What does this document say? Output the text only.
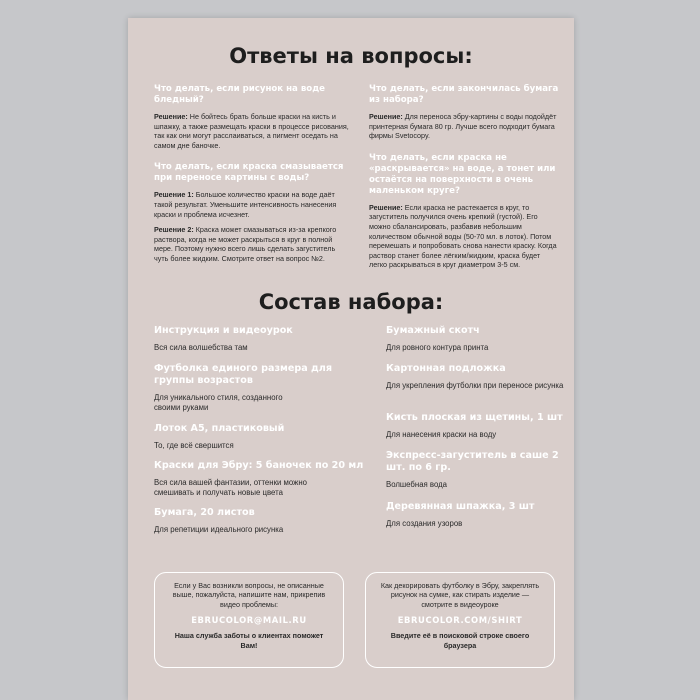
Ответы на вопросы:
Что делать, если рисунок на воде бледный?
Решение: Не бойтесь брать больше краски на кисть и шпажку, а также размещать краски в процессе рисования, так как они могут расслаиваться, а пигмент оседать на самом дне баночке.
Что делать, если краска смазывается при переносе картины с воды?
Решение 1: Большое количество краски на воде даёт такой результат. Уменьшите интенсивность нанесения краски и проблема исчезнет.
Решение 2: Краска может смазываться из-за крепкого раствора, когда не может раскрыться в круг в полной мере. Поэтому нужно всего лишь сделать загуститель чуть более жидким. Смотрите ответ на вопрос №2.
Что делать, если закончилась бумага из набора?
Решение: Для переноса эбру-картины с воды подойдёт принтерная бумага 80 гр. Лучше всего подходит бумага фирмы Svetocopy.
Что делать, если краска не «раскрывается» на воде, а тонет или остаётся на поверхности в очень маленьком круге?
Решение: Если краска не растекается в круг, то загуститель получился очень крепкий (густой). Его можно сбалансировать, разбавив небольшим количеством обычной воды (50-70 мл. в лоток). Потом перемешать и попробовать снова нанести краску. Когда раствор станет более лёгким/жидким, краска будет легко раскрываться в круг диаметром 3-5 см.
Состав набора:
Инструкция и видеоурок
Вся сила волшебства там
Футболка единого размера для группы возрастов
Для уникального стиля, созданного своими руками
Лоток А5, пластиковый
То, где всё свершится
Краски для Эбру: 5 баночек по 20 мл
Вся сила вашей фантазии, оттенки можно смешивать и получать новые цвета
Бумага, 20 листов
Для репетиции идеального рисунка
Бумажный скотч
Для ровного контура принта
Картонная подложка
Для укрепления футболки при переносе рисунка
Кисть плоская из щетины, 1 шт
Для нанесения краски на воду
Экспресс-загуститель в саше 2 шт. по 6 гр.
Волшебная вода
Деревянная шпажка, 3 шт
Для создания узоров
Если у Вас возникли вопросы, не описанные выше, пожалуйста, напишите нам, прикрепив видео проблемы:
EBRUCOLOR@MAIL.RU
Наша служба заботы о клиентах поможет Вам!
Как декорировать футболку в Эбру, закреплять рисунок на сумке, как стирать изделие — смотрите в видеоуроке
EBRUCOLOR.COM/SHIRT
Введите её в поисковой строке своего браузера
